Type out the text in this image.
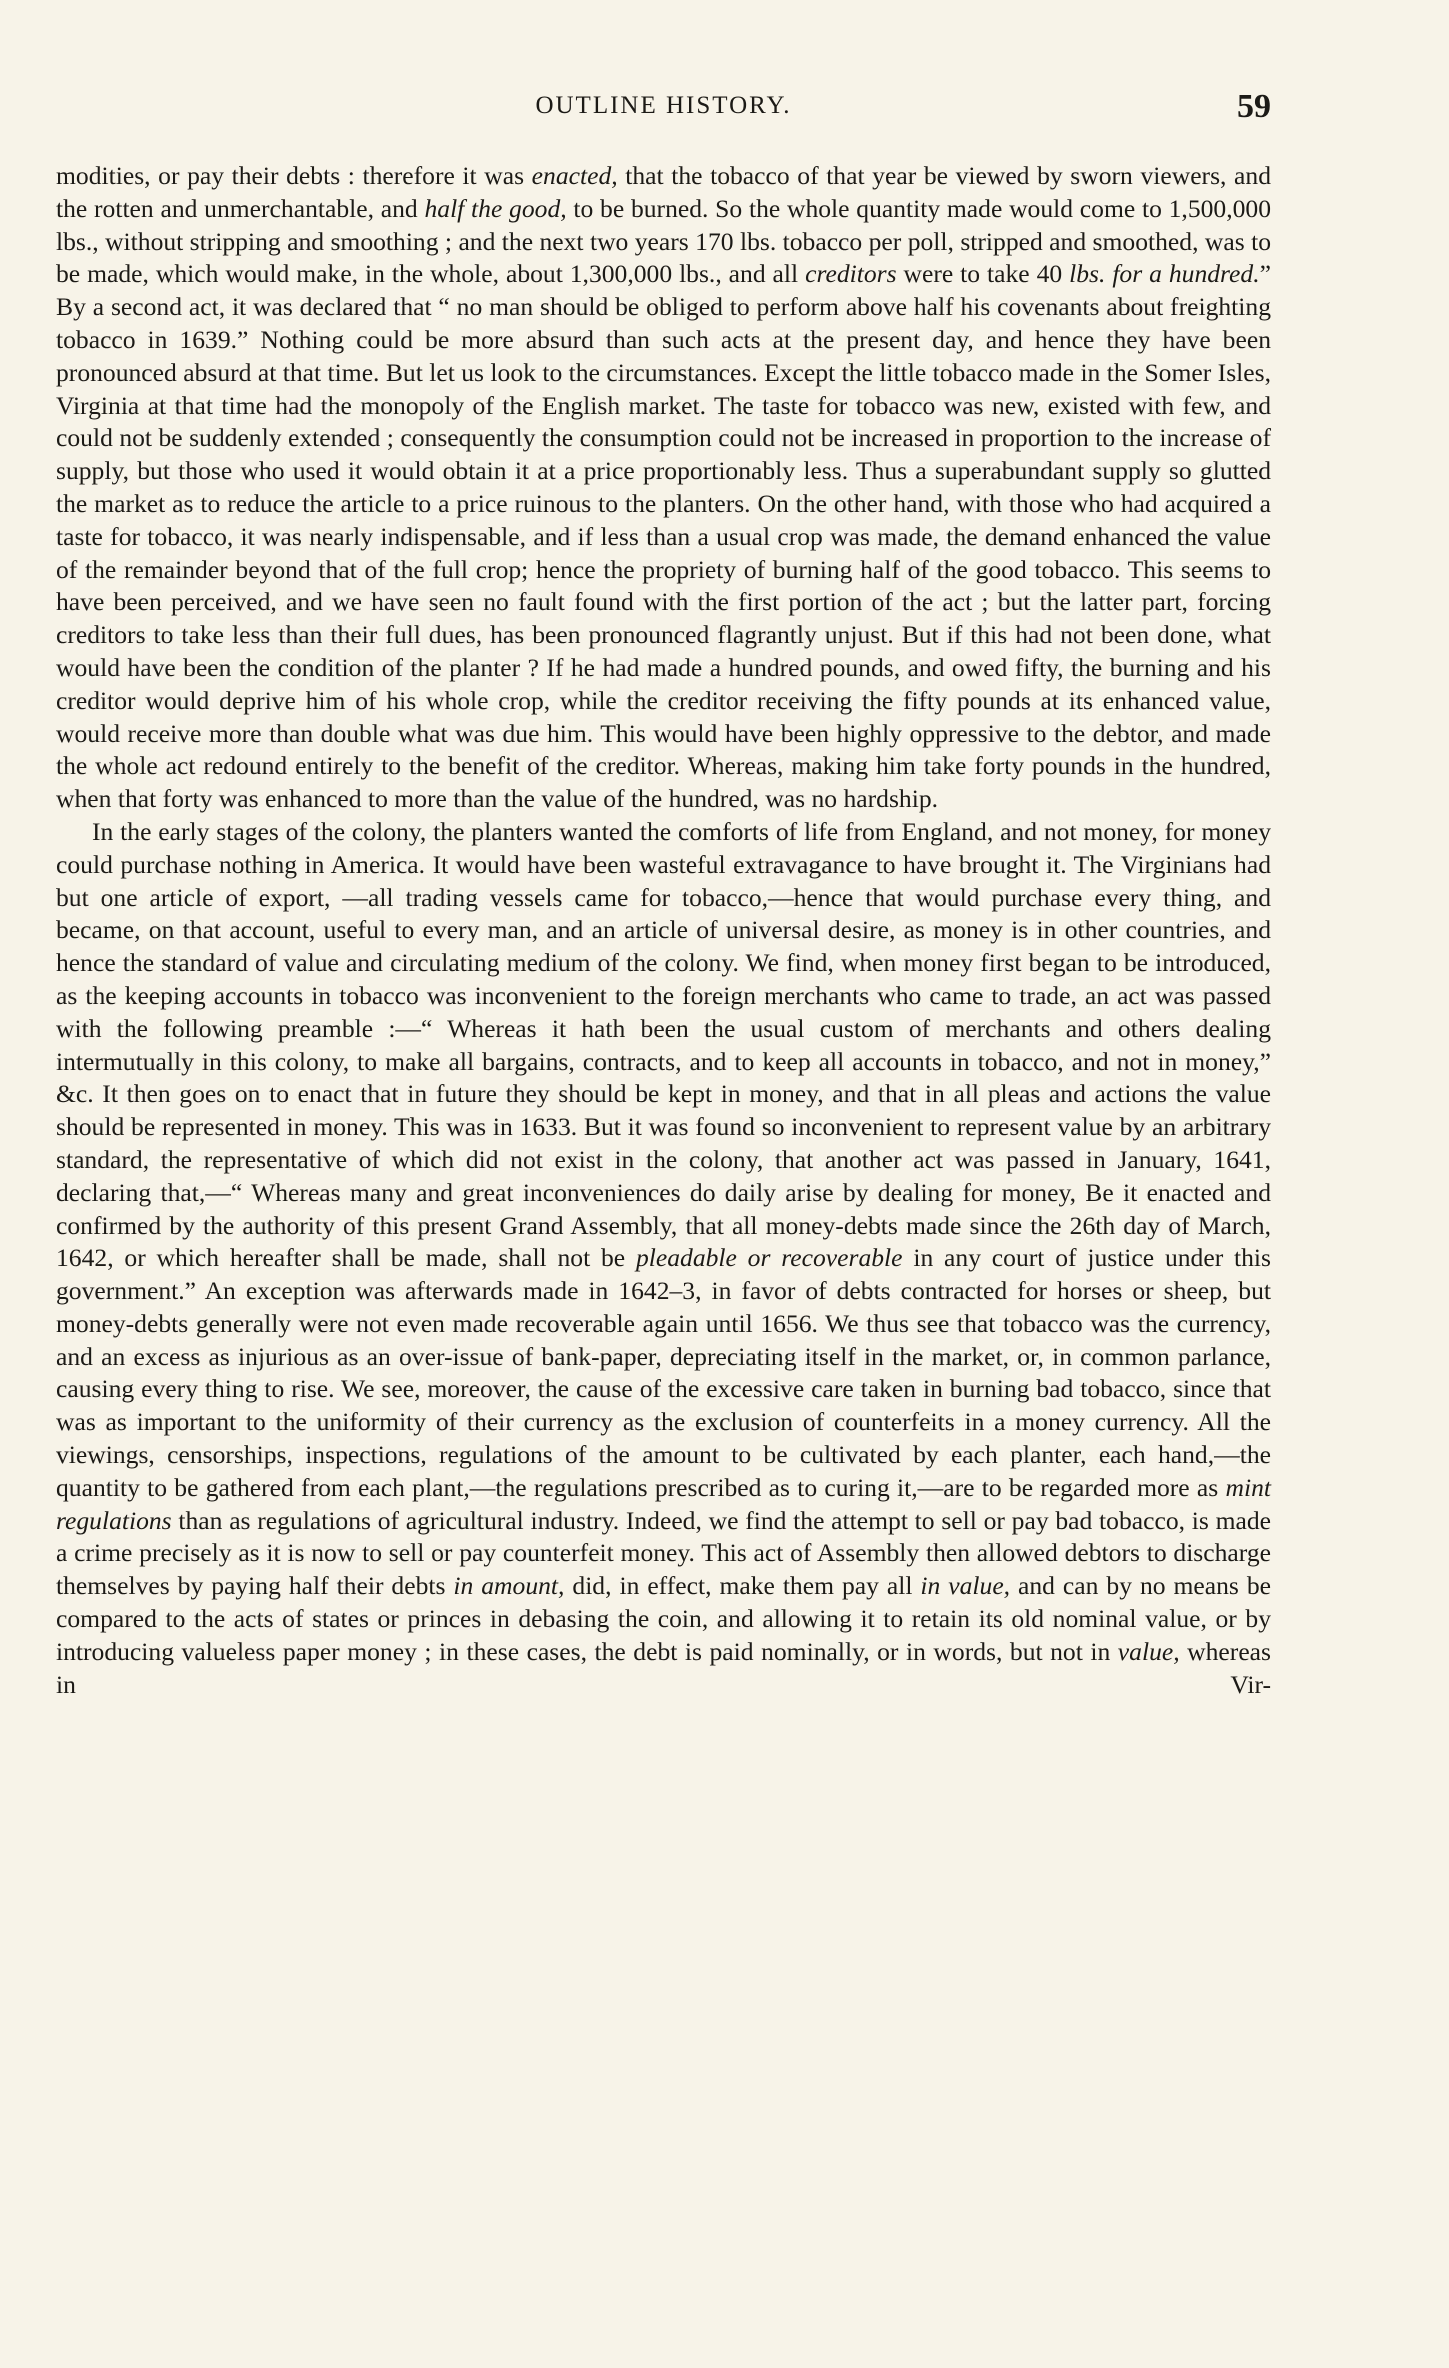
OUTLINE HISTORY.	59

modities, or pay their debts : therefore it was enacted, that the tobacco of that year be viewed by sworn viewers, and the rotten and unmerchantable, and half the good, to be burned. So the whole quantity made would come to 1,500,000 lbs., without stripping and smoothing ; and the next two years 170 lbs. tobacco per poll, stripped and smoothed, was to be made, which would make, in the whole, about 1,300,000 lbs., and all creditors were to take 40 lbs. for a hundred.” By a second act, it was declared that “ no man should be obliged to perform above half his covenants about freighting tobacco in 1639.” Nothing could be more absurd than such acts at the present day, and hence they have been pronounced absurd at that time. But let us look to the circumstances. Except the little tobacco made in the Somer Isles, Virginia at that time had the monopoly of the English market. The taste for tobacco was new, existed with few, and could not be suddenly extended ; consequently the consumption could not be increased in proportion to the increase of supply, but those who used it would obtain it at a price proportionably less. Thus a superabundant supply so glutted the market as to reduce the article to a price ruinous to the planters. On the other hand, with those who had acquired a taste for tobacco, it was nearly indispensable, and if less than a usual crop was made, the demand enhanced the value of the remainder beyond that of the full crop; hence the propriety of burning half of the good tobacco. This seems to have been perceived, and we have seen no fault found with the first portion of the act ; but the latter part, forcing creditors to take less than their full dues, has been pronounced flagrantly unjust. But if this had not been done, what would have been the condition of the planter ? If he had made a hundred pounds, and owed fifty, the burning and his creditor would deprive him of his whole crop, while the creditor receiving the fifty pounds at its enhanced value, would receive more than double what was due him. This would have been highly oppressive to the debtor, and made the whole act redound entirely to the benefit of the creditor. Whereas, making him take forty pounds in the hundred, when that forty was enhanced to more than the value of the hundred, was no hardship.

In the early stages of the colony, the planters wanted the comforts of life from England, and not money, for money could purchase nothing in America. It would have been wasteful extravagance to have brought it. The Virginians had but one article of export, —all trading vessels came for tobacco,—hence that would purchase every thing, and became, on that account, useful to every man, and an article of universal desire, as money is in other countries, and hence the standard of value and circulating medium of the colony. We find, when money first began to be introduced, as the keeping accounts in tobacco was inconvenient to the foreign merchants who came to trade, an act was passed with the following preamble :—“ Whereas it hath been the usual custom of merchants and others dealing intermutually in this colony, to make all bargains, contracts, and to keep all accounts in tobacco, and not in money,” &c. It then goes on to enact that in future they should be kept in money, and that in all pleas and actions the value should be represented in money. This was in 1633. But it was found so inconvenient to represent value by an arbitrary standard, the representative of which did not exist in the colony, that another act was passed in January, 1641, declaring that,—“ Whereas many and great inconveniences do daily arise by dealing for money, Be it enacted and confirmed by the authority of this present Grand Assembly, that all money-debts made since the 26th day of March, 1642, or which hereafter shall be made, shall not be pleadable or recoverable in any court of justice under this government.” An exception was afterwards made in 1642–3, in favor of debts contracted for horses or sheep, but money-debts generally were not even made recoverable again until 1656. We thus see that tobacco was the currency, and an excess as injurious as an over-issue of bank-paper, depreciating itself in the market, or, in common parlance, causing every thing to rise. We see, moreover, the cause of the excessive care taken in burning bad tobacco, since that was as important to the uniformity of their currency as the exclusion of counterfeits in a money currency. All the viewings, censorships, inspections, regulations of the amount to be cultivated by each planter, each hand,—the quantity to be gathered from each plant,—the regulations prescribed as to curing it,—are to be regarded more as mint regulations than as regulations of agricultural industry. Indeed, we find the attempt to sell or pay bad tobacco, is made a crime precisely as it is now to sell or pay counterfeit money. This act of Assembly then allowed debtors to discharge themselves by paying half their debts in amount, did, in effect, make them pay all in value, and can by no means be compared to the acts of states or princes in debasing the coin, and allowing it to retain its old nominal value, or by introducing valueless paper money ; in these cases, the debt is paid nominally, or in words, but not in value, whereas in Vir-
